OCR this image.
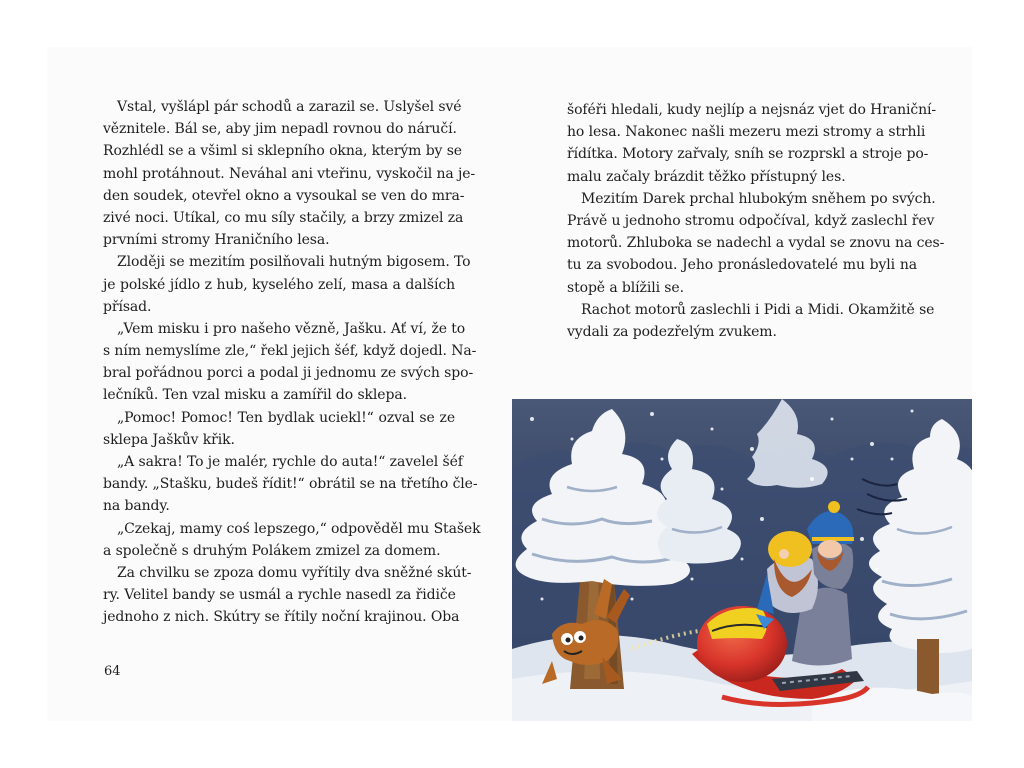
Vstal, vyšlápl pár schodů a zarazil se. Uslyšel své
věznitele. Bál se, aby jim nepadl rovnou do náručí.
Rozhlédl se a všiml si sklepního okna, kterým by se
mohl protáhnout. Neváhal ani vteřinu, vyskočil na je-
den soudek, otevřel okno a vysoukal se ven do mra-
zivé noci. Utíkal, co mu síly stačily, a brzy zmizel za
prvními stromy Hraničního lesa.
Zloději se mezitím posilňovali hutným bigosem. To
je polské jídlo z hub, kyselého zelí, masa a dalších
přísad.
„Vem misku i pro našeho vězně, Jašku. Ať ví, že to
s ním nemyslíme zle,“ řekl jejich šéf, když dojedl. Na-
bral pořádnou porci a podal ji jednomu ze svých spo-
lečníků. Ten vzal misku a zamířil do sklepa.
„Pomoc! Pomoc! Ten bydlak uciekl!“ ozval se ze
sklepa Jaškův křik.
„A sakra! To je malér, rychle do auta!“ zavelel šéf
bandy. „Stašku, budeš řídit!“ obrátil se na třetího čle-
na bandy.
„Czekaj, mamy coś lepszego,“ odpověděl mu Stašek
a společně s druhým Polákem zmizel za domem.
Za chvilku se zpoza domu vyřítily dva sněžné skút-
ry. Velitel bandy se usmál a rychle nasedl za řidiče
jednoho z nich. Skútry se řítily noční krajinou. Oba
64
šoféři hledali, kudy nejlíp a nejsnáz vjet do Hraniční-
ho lesa. Nakonec našli mezeru mezi stromy a strhli
řídítka. Motory zařvaly, sníh se rozprskl a stroje po-
malu začaly brázdit těžko přístupný les.
Mezitím Darek prchal hlubokým sněhem po svých.
Právě u jednoho stromu odpočíval, když zaslechl řev
motorů. Zhluboka se nadechl a vydal se znovu na ces-
tu za svobodou. Jeho pronásledovatelé mu byli na
stopě a blížili se.
Rachot motorů zaslechli i Pidi a Midi. Okamžitě se
vydali za podezřelým zvukem.
